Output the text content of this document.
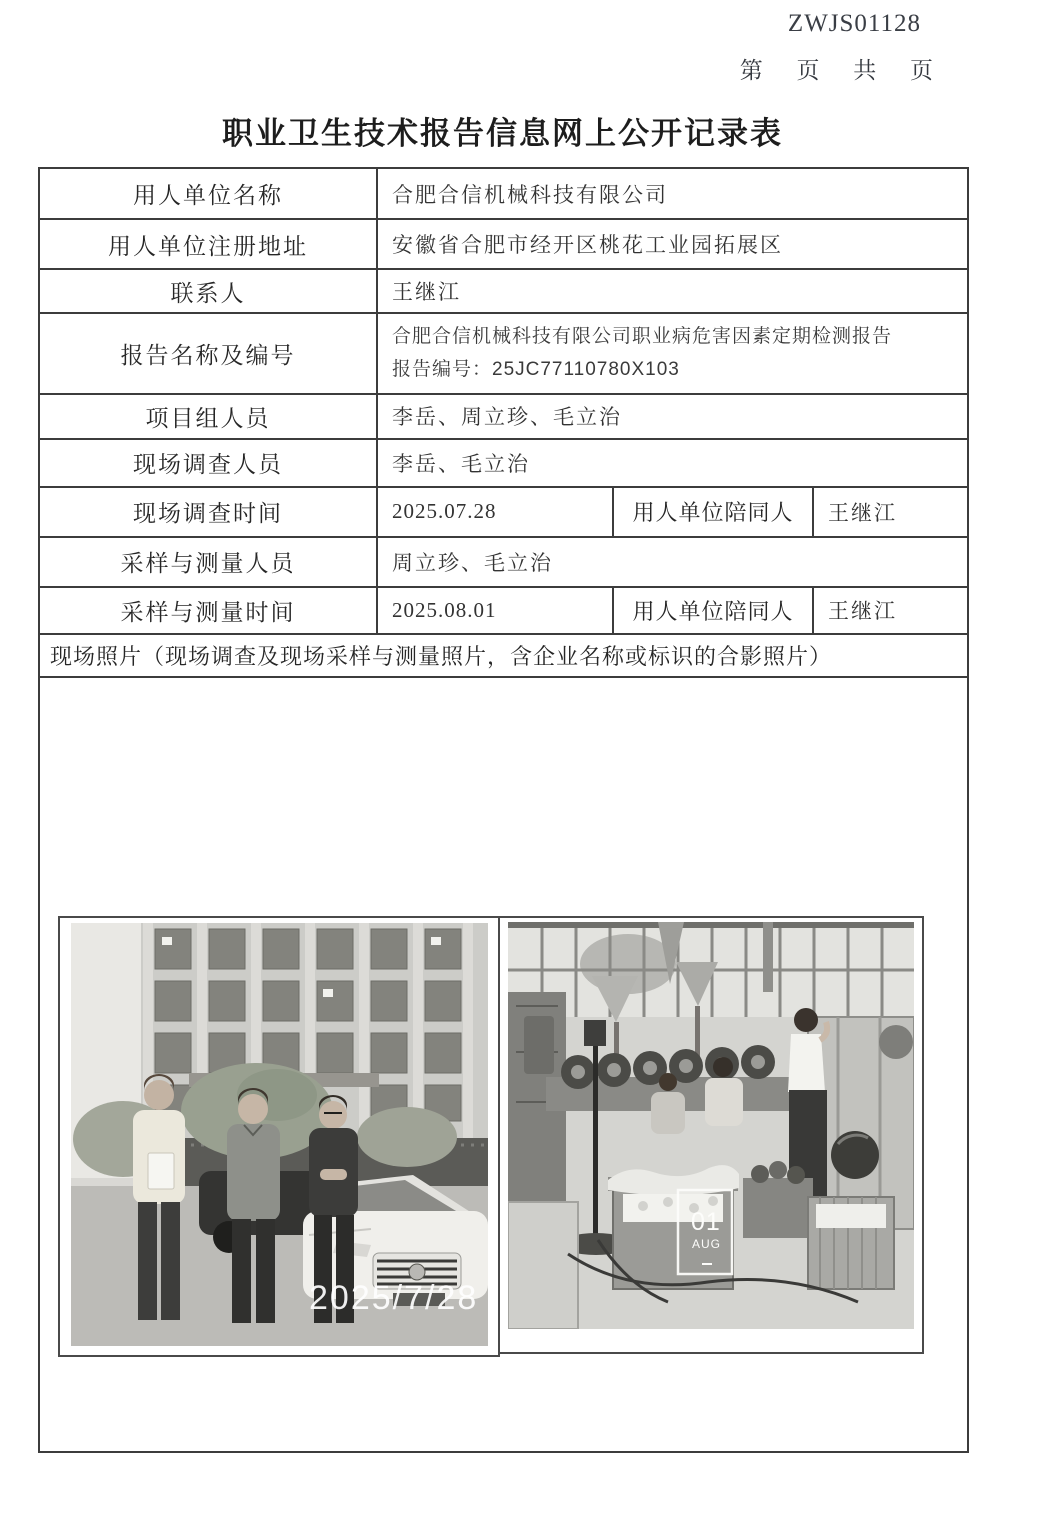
ZWJS01128
第 页 共 页
职业卫生技术报告信息网上公开记录表
用人单位名称	合肥合信机械科技有限公司		
用人单位注册地址	安徽省合肥市经开区桃花工业园拓展区		
联系人	王继江		
报告名称及编号	合肥合信机械科技有限公司职业病危害因素定期检测报告
报告编号：25JC77110780X103		

项目组人员	李岳、周立珍、毛立治		
现场调查人员	李岳、毛立治		
现场调查时间	2025.07.28	用人单位陪同人	王继江
采样与测量人员	周立珍、毛立治		
采样与测量时间	2025.08.01	用人单位陪同人	王继江
现场照片（现场调查及现场采样与测量照片，含企业名称或标识的合影照片）			

2025/7/28
01
AUG			
